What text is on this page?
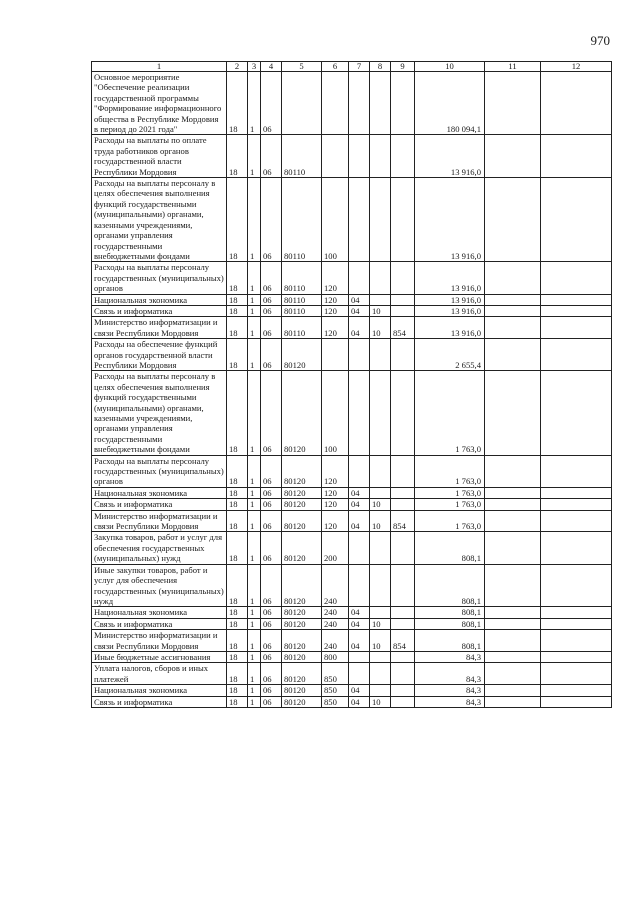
970
1	2	3	4	5	6	7	8	9	10	11	12
Основное мероприятие "Обеспечение реализации государственной программы "Формирование информационного общества в Республике Мордовия в период до 2021 года"	18	1	06						180 094,1		
Расходы на выплаты по оплате труда работников органов государственной власти Республики Мордовия	18	1	06	80110					13 916,0		
Расходы на выплаты персоналу в целях обеспечения выполнения функций государственными (муниципальными) органами, казенными учреждениями, органами управления государственными внебюджетными фондами	18	1	06	80110	100				13 916,0		
Расходы на выплаты персоналу государственных (муниципальных) органов	18	1	06	80110	120				13 916,0		
Национальная экономика	18	1	06	80110	120	04			13 916,0		
Связь и информатика	18	1	06	80110	120	04	10		13 916,0		
Министерство информатизации и связи Республики Мордовия	18	1	06	80110	120	04	10	854	13 916,0		
Расходы на обеспечение функций органов государственной власти Республики Мордовия	18	1	06	80120					2 655,4		
Расходы на выплаты персоналу в целях обеспечения выполнения функций государственными (муниципальными) органами, казенными учреждениями, органами управления государственными внебюджетными фондами	18	1	06	80120	100				1 763,0		
Расходы на выплаты персоналу государственных (муниципальных) органов	18	1	06	80120	120				1 763,0		
Национальная экономика	18	1	06	80120	120	04			1 763,0		
Связь и информатика	18	1	06	80120	120	04	10		1 763,0		
Министерство информатизации и связи Республики Мордовия	18	1	06	80120	120	04	10	854	1 763,0		
Закупка товаров, работ и услуг для обеспечения государственных (муниципальных) нужд	18	1	06	80120	200				808,1		
Иные закупки товаров, работ и услуг для обеспечения государственных (муниципальных) нужд	18	1	06	80120	240				808,1		
Национальная экономика	18	1	06	80120	240	04			808,1		
Связь и информатика	18	1	06	80120	240	04	10		808,1		
Министерство информатизации и связи Республики Мордовия	18	1	06	80120	240	04	10	854	808,1		
Иные бюджетные ассигнования	18	1	06	80120	800				84,3		
Уплата налогов, сборов и иных платежей	18	1	06	80120	850				84,3		
Национальная экономика	18	1	06	80120	850	04			84,3		
Связь и информатика	18	1	06	80120	850	04	10		84,3		
